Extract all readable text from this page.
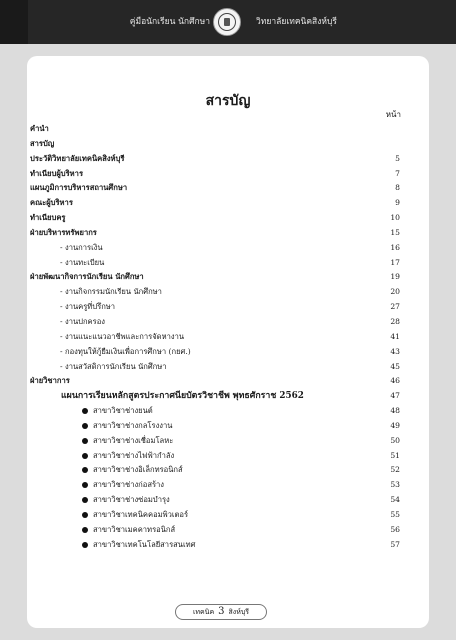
คู่มือนักเรียน นักศึกษา	วิทยาลัยเทคนิคสิงห์บุรี
สารบัญ
หน้า
คำนำ
สารบัญ
ประวัติวิทยาลัยเทคนิคสิงห์บุรี	5
ทำเนียบผู้บริหาร	7
แผนภูมิการบริหารสถานศึกษา	8
คณะผู้บริหาร	9
ทำเนียบครู	10
ฝ่ายบริหารทรัพยากร	15
- งานการเงิน	16
- งานทะเบียน	17
ฝ่ายพัฒนากิจการนักเรียน นักศึกษา	19
- งานกิจกรรมนักเรียน นักศึกษา	20
- งานครูที่ปรึกษา	27
- งานปกครอง	28
- งานแนะแนวอาชีพและการจัดหางาน	41
- กองทุนให้กู้ยืมเงินเพื่อการศึกษา (กยศ.)	43
- งานสวัสดิการนักเรียน นักศึกษา	45
ฝ่ายวิชาการ	46
แผนการเรียนหลักสูตรประกาศนียบัตรวิชาชีพ พุทธศักราช 2562	47
สาขาวิชาช่างยนต์	48
สาขาวิชาช่างกลโรงงาน	49
สาขาวิชาช่างเชื่อมโลหะ	50
สาขาวิชาช่างไฟฟ้ากำลัง	51
สาขาวิชาช่างอิเล็กทรอนิกส์	52
สาขาวิชาช่างก่อสร้าง	53
สาขาวิชาช่างซ่อมบำรุง	54
สาขาวิชาเทคนิคคอมพิวเตอร์	55
สาขาวิชาเมคคาทรอนิกส์	56
สาขาวิชาเทคโนโลยีสารสนเทศ	57
เทคนิค 3 สิงห์บุรี
